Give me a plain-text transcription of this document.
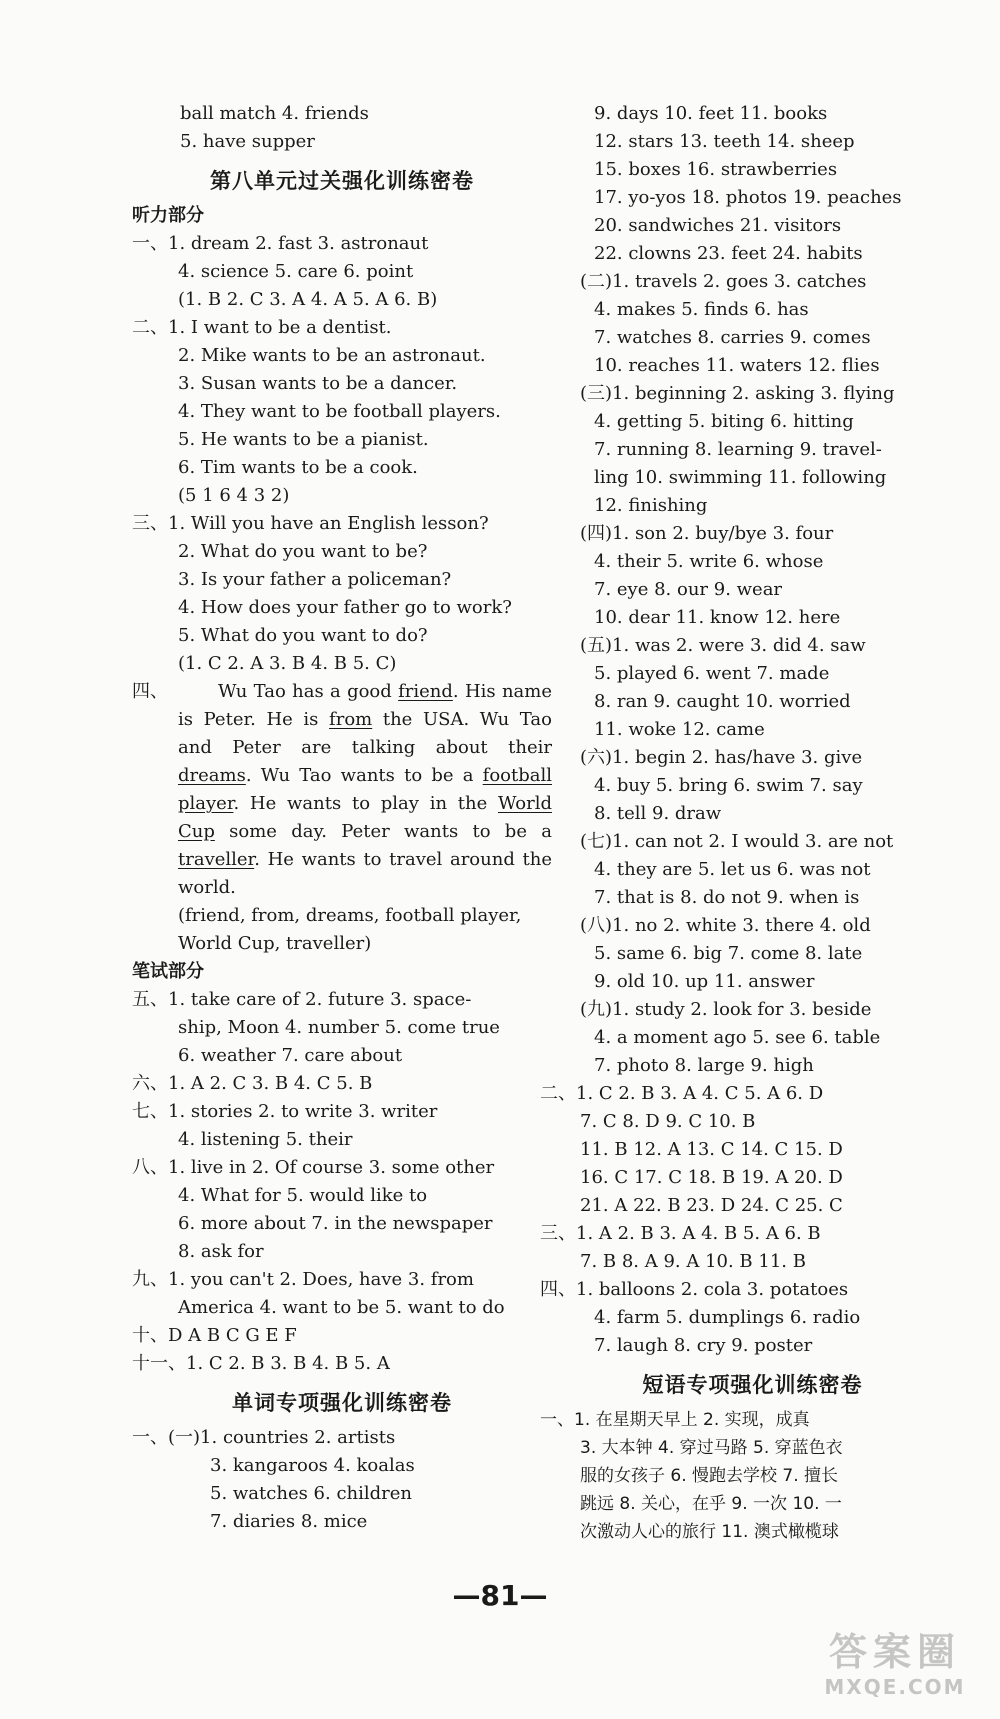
ball match 4. friends
5. have supper
第八单元过关强化训练密卷
听力部分
一、1. dream 2. fast 3. astronaut
4. science 5. care 6. point
(1. B 2. C 3. A 4. A 5. A 6. B)
二、1. I want to be a dentist.
2. Mike wants to be an astronaut.
3. Susan wants to be a dancer.
4. They want to be football players.
5. He wants to be a pianist.
6. Tim wants to be a cook.
(5 1 6 4 3 2)
三、1. Will you have an English lesson?
2. What do you want to be?
3. Is your father a policeman?
4. How does your father go to work?
5. What do you want to do?
(1. C 2. A 3. B 4. B 5. C)
四、	Wu Tao has a good friend. His name is Peter. He is from the USA. Wu Tao and Peter are talking about their dreams. Wu Tao wants to be a football player. He wants to play in the World Cup some day. Peter wants to be a traveller. He wants to travel around the world.
(friend, from, dreams, football player,
World Cup, traveller)
笔试部分
五、1. take care of 2. future 3. space-
ship, Moon 4. number 5. come true
6. weather 7. care about
六、1. A 2. C 3. B 4. C 5. B
七、1. stories 2. to write 3. writer
4. listening 5. their
八、1. live in 2. Of course 3. some other
4. What for 5. would like to
6. more about 7. in the newspaper
8. ask for
九、1. you can't 2. Does, have 3. from
America 4. want to be 5. want to do
十、D A B C G E F
十一、1. C 2. B 3. B 4. B 5. A
单词专项强化训练密卷
一、(一)1. countries 2. artists
3. kangaroos 4. koalas
5. watches 6. children
7. diaries 8. mice
9. days 10. feet 11. books
12. stars 13. teeth 14. sheep
15. boxes 16. strawberries
17. yo-yos 18. photos 19. peaches
20. sandwiches 21. visitors
22. clowns 23. feet 24. habits
(二)1. travels 2. goes 3. catches
4. makes 5. finds 6. has
7. watches 8. carries 9. comes
10. reaches 11. waters 12. flies
(三)1. beginning 2. asking 3. flying
4. getting 5. biting 6. hitting
7. running 8. learning 9. travel-
ling 10. swimming 11. following
12. finishing
(四)1. son 2. buy/bye 3. four
4. their 5. write 6. whose
7. eye 8. our 9. wear
10. dear 11. know 12. here
(五)1. was 2. were 3. did 4. saw
5. played 6. went 7. made
8. ran 9. caught 10. worried
11. woke 12. came
(六)1. begin 2. has/have 3. give
4. buy 5. bring 6. swim 7. say
8. tell 9. draw
(七)1. can not 2. I would 3. are not
4. they are 5. let us 6. was not
7. that is 8. do not 9. when is
(八)1. no 2. white 3. there 4. old
5. same 6. big 7. come 8. late
9. old 10. up 11. answer
(九)1. study 2. look for 3. beside
4. a moment ago 5. see 6. table
7. photo 8. large 9. high
二、1. C 2. B 3. A 4. C 5. A 6. D
7. C 8. D 9. C 10. B
11. B 12. A 13. C 14. C 15. D
16. C 17. C 18. B 19. A 20. D
21. A 22. B 23. D 24. C 25. C
三、1. A 2. B 3. A 4. B 5. A 6. B
7. B 8. A 9. A 10. B 11. B
四、1. balloons 2. cola 3. potatoes
4. farm 5. dumplings 6. radio
7. laugh 8. cry 9. poster
短语专项强化训练密卷
一、1. 在星期天早上 2. 实现，成真
3. 大本钟 4. 穿过马路 5. 穿蓝色衣
服的女孩子 6. 慢跑去学校 7. 擅长
跳远 8. 关心，在乎 9. 一次 10. 一
次激动人心的旅行 11. 澳式橄榄球
—81—
答案圈
MXQE.COM
